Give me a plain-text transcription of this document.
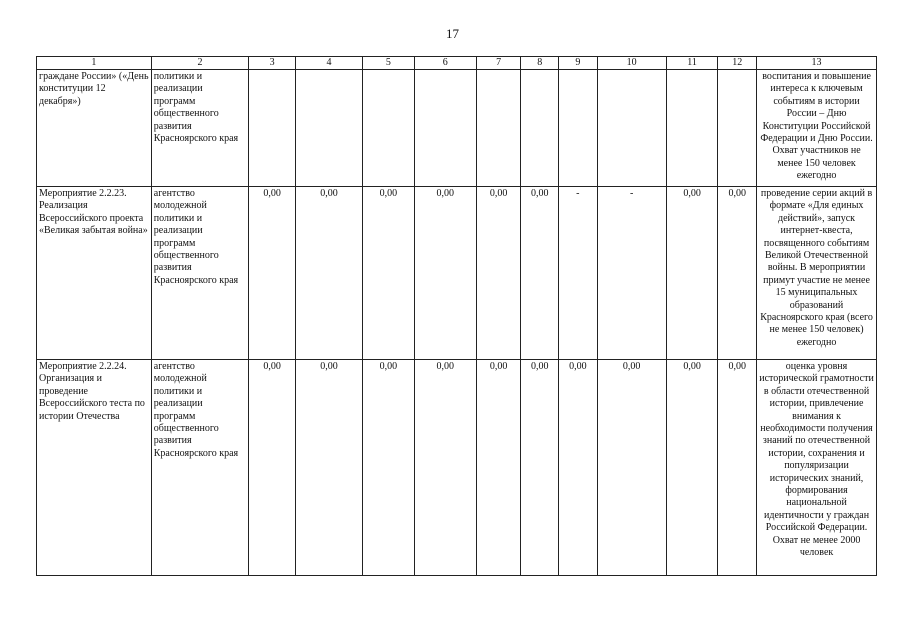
17
1	2	3	4	5	6	7	8	9	10	11	12	13
граждане России» («День конституции 12 декабря»)	политики и реализации программ общественного развития Красноярского края											воспитания и повышение интереса к ключевым событиям в истории России – Дню Конституции Российской Федерации и Дню России. Охват участников не менее 150 человек ежегодно
Мероприятие 2.2.23. Реализация Всероссийского проекта «Великая забытая война»	агентство молодежной политики и реализации программ общественного развития Красноярского края	0,00	0,00	0,00	0,00	0,00	0,00	-	-	0,00	0,00	проведение серии акций в формате «Для единых действий», запуск интернет-квеста, посвященного событиям Великой Отечественной войны. В мероприятии примут участие не менее 15 муниципальных образований Красноярского края (всего не менее 150 человек) ежегодно
Мероприятие 2.2.24. Организация и проведение Всероссийского теста по истории Отечества	агентство молодежной политики и реализации программ общественного развития Красноярского края	0,00	0,00	0,00	0,00	0,00	0,00	0,00	0,00	0,00	0,00	оценка уровня исторической грамотности в области отечественной истории, привлечение внимания к необходимости получения знаний по отечественной истории, сохранения и популяризации исторических знаний, формирования национальной идентичности у граждан Российской Федерации. Охват не менее 2000 человек
